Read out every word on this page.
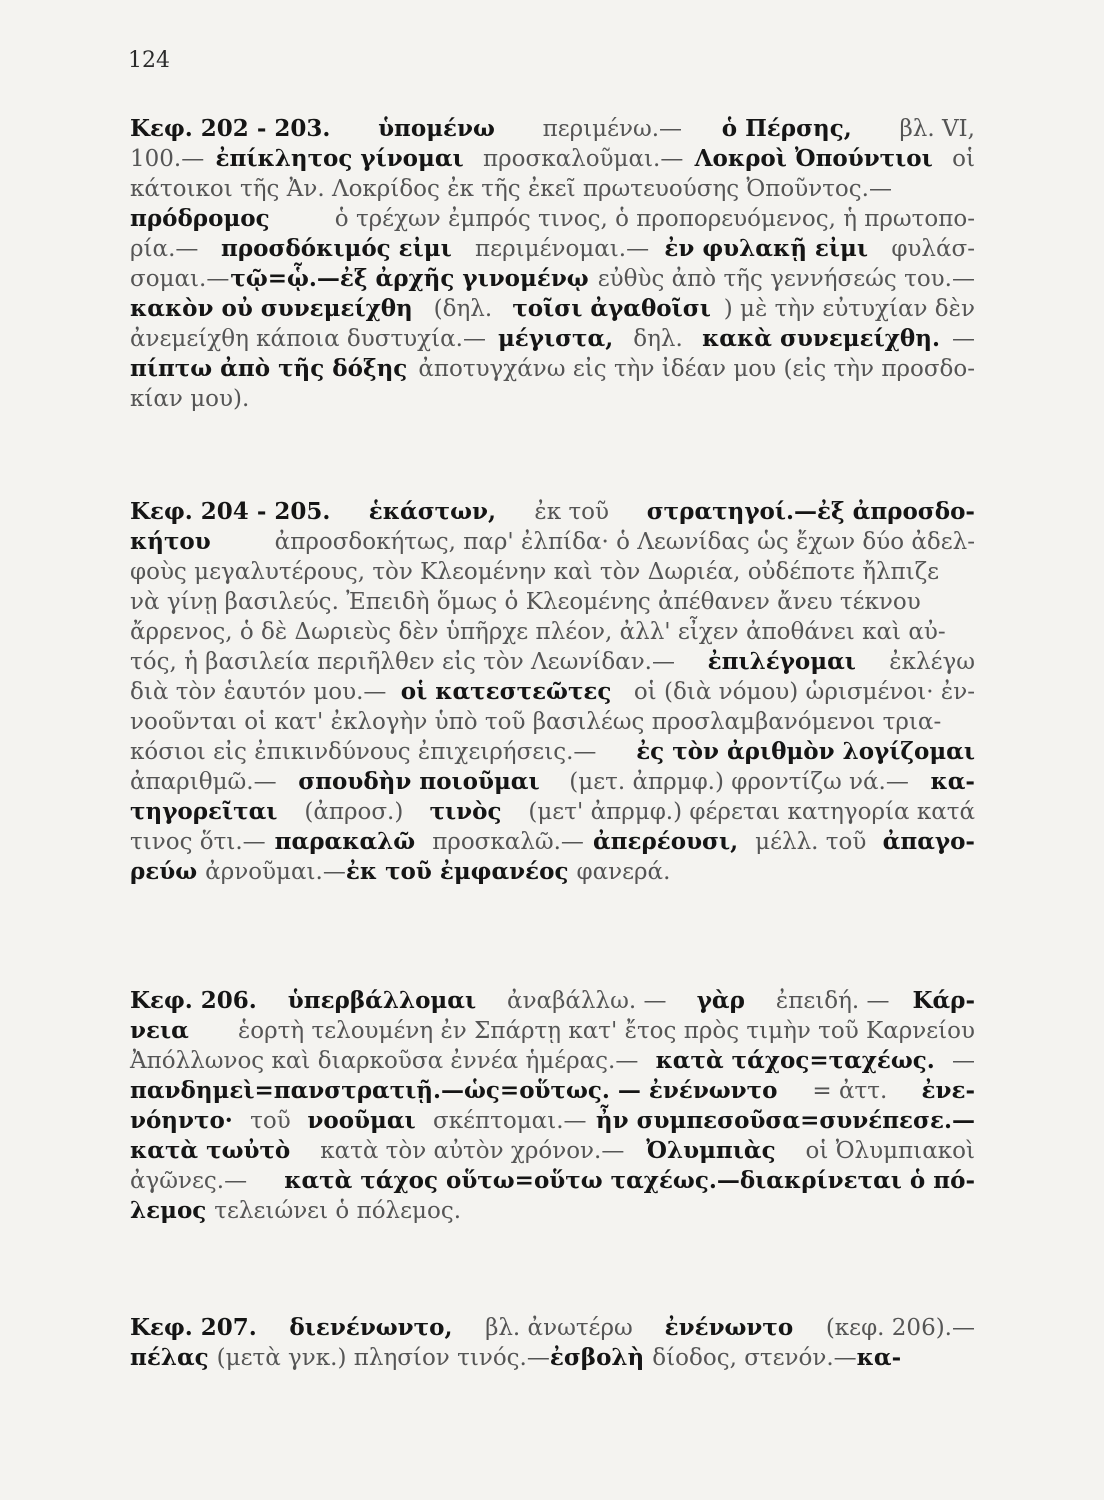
124
Κεφ. 202 - 203. ὑπομένω περιμένω.— ὁ Πέρσης, βλ. VI,
100.— ἐπίκλητος γίνομαι προσκαλοῦμαι.— Λοκροὶ Ὀπούντιοι οἱ
κάτοικοι τῆς Ἀν. Λοκρίδος ἐκ τῆς ἐκεῖ πρωτευούσης Ὀποῦντος.—
πρόδρομος ὁ τρέχων ἐμπρός τινος, ὁ προπορευόμενος, ἡ πρωτοπο-
ρία.— προσδόκιμός εἰμι περιμένομαι.— ἐν φυλακῇ εἰμι φυλάσ-
σομαι.— τῷ=ᾧ.—ἐξ ἀρχῆς γινομένῳ εὐθὺς ἀπὸ τῆς γεννήσεώς του.—
κακὸν οὐ συνεμείχθη (δηλ. τοῖσι ἀγαθοῖσι ) μὲ τὴν εὐτυχίαν δὲν
ἀνεμείχθη κάποια δυστυχία.— μέγιστα, δηλ. κακὰ συνεμείχθη. —
πίπτω ἀπὸ τῆς δόξης ἀποτυγχάνω εἰς τὴν ἰδέαν μου (εἰς τὴν προσδο-
κίαν μου).
Κεφ. 204 - 205. ἑκάστων, ἐκ τοῦ στρατηγοί.—ἐξ ἀπροσδο-
κήτου ἀπροσδοκήτως, παρ' ἐλπίδα· ὁ Λεωνίδας ὡς ἔχων δύο ἀδελ-
φοὺς μεγαλυτέρους, τὸν Κλεομένην καὶ τὸν Δωριέα, οὐδέποτε ἤλπιζε
νὰ γίνῃ βασιλεύς. Ἐπειδὴ ὅμως ὁ Κλεομένης ἀπέθανεν ἄνευ τέκνου
ἄρρενος, ὁ δὲ Δωριεὺς δὲν ὑπῆρχε πλέον, ἀλλ' εἶχεν ἀποθάνει καὶ αὐ-
τός, ἡ βασιλεία περιῆλθεν εἰς τὸν Λεωνίδαν.— ἐπιλέγομαι ἐκλέγω
διὰ τὸν ἑαυτόν μου.— οἱ κατεστεῶτες οἱ (διὰ νόμου) ὡρισμένοι· ἐν-
νοοῦνται οἱ κατ' ἐκλογὴν ὑπὸ τοῦ βασιλέως προσλαμβανόμενοι τρια-
κόσιοι εἰς ἐπικινδύνους ἐπιχειρήσεις.— ἐς τὸν ἀριθμὸν λογίζομαι
ἀπαριθμῶ.— σπουδὴν ποιοῦμαι (μετ. ἀπρμφ.) φροντίζω νά.— κα-
τηγορεῖται (ἀπροσ.) τινὸς (μετ' ἀπρμφ.) φέρεται κατηγορία κατά
τινος ὅτι.— παρακαλῶ προσκαλῶ.— ἀπερέουσι, μέλλ. τοῦ ἀπαγο-
ρεύω ἀρνοῦμαι.— ἐκ τοῦ ἐμφανέος φανερά.
Κεφ. 206. ὑπερβάλλομαι ἀναβάλλω. — γὰρ ἐπειδή. — Κάρ-
νεια ἑορτὴ τελουμένη ἐν Σπάρτῃ κατ' ἔτος πρὸς τιμὴν τοῦ Καρνείου
Ἀπόλλωνος καὶ διαρκοῦσα ἐννέα ἡμέρας.— κατὰ τάχος=ταχέως. —
πανδημεὶ=πανστρατιῇ.—ὡς=οὕτως. — ἐνένωντο = ἀττ. ἐνε-
νόηντο· τοῦ νοοῦμαι σκέπτομαι.— ἦν συμπεσοῦσα=συνέπεσε.—
κατὰ τωὐτὸ κατὰ τὸν αὐτὸν χρόνον.— Ὀλυμπιὰς οἱ Ὀλυμπιακοὶ
ἀγῶνες.— κατὰ τάχος οὕτω=οὕτω ταχέως.—διακρίνεται ὁ πό-
λεμος τελειώνει ὁ πόλεμος.
Κεφ. 207. διενένωντο, βλ. ἀνωτέρω ἐνένωντο (κεφ. 206).—
πέλας (μετὰ γνκ.) πλησίον τινός.— ἐσβολὴ δίοδος, στενόν.— κα-
